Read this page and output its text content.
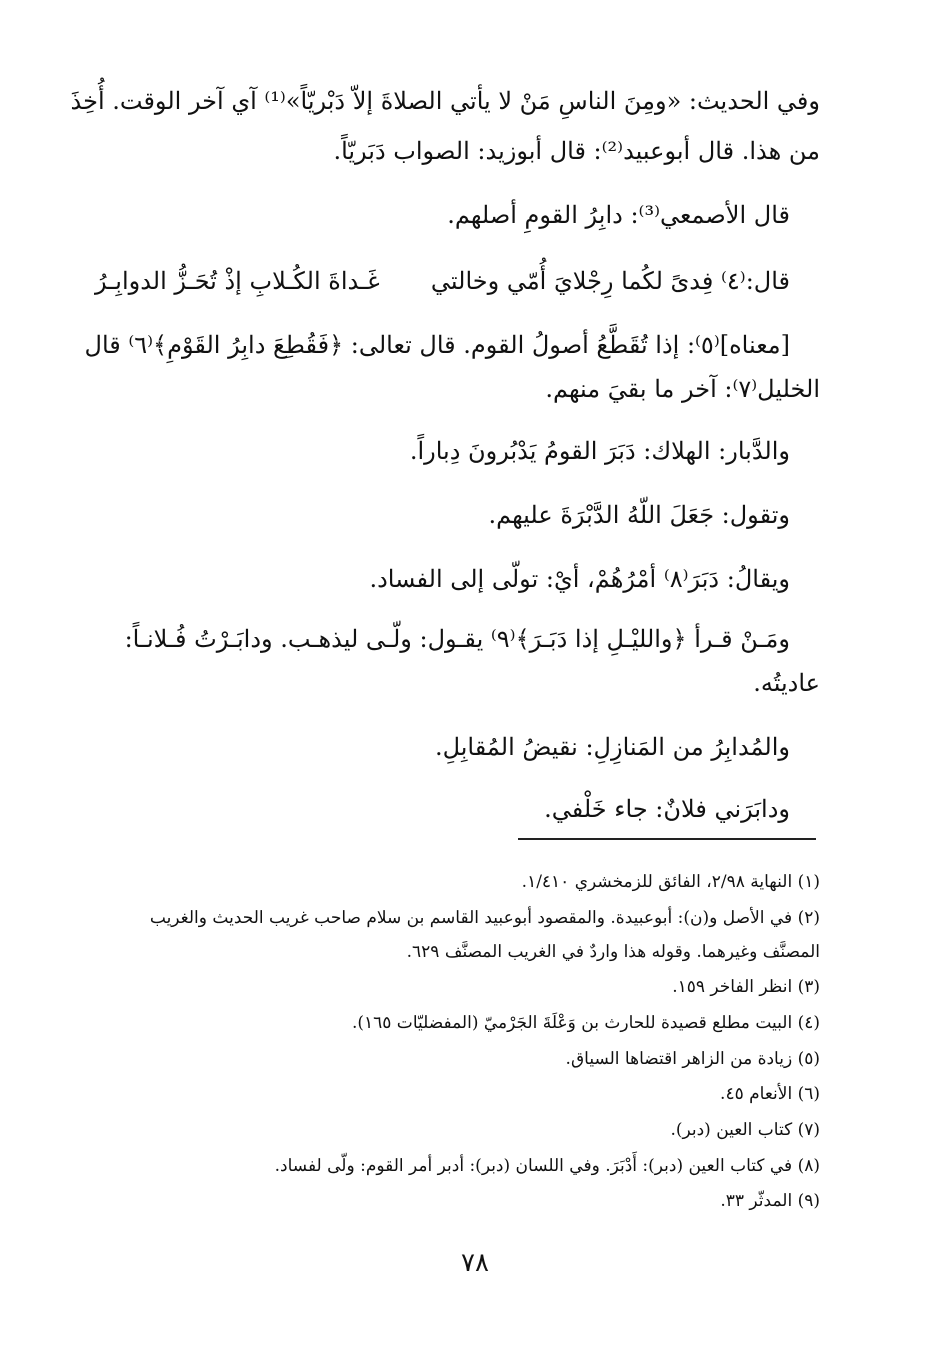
وفي الحديث: «ومِنَ الناسِ مَنْ لا يأتي الصلاةَ إلاّ دَبْريّاً»⁽¹⁾ آي آخر الوقت. أُخِذَ
من هذا. قال أبوعبيد⁽²⁾: قال أبوزيد: الصواب دَبَريّاً.
قال الأصمعي⁽³⁾: دابِرُ القومِ أصلهم.
قال:⁽٤⁾ فِدىً لكُما رِجْلايَ أُمّي وخالتي
غَـداةَ الكُـلابِ إذْ تُحَـزُّ الدوابِـرُ
[معناه]⁽٥⁾: إذا تُقَطَّعُ أصولُ القوم. قال تعالى: ﴿فَقُطِعَ دابِرُ القَوْمِ﴾⁽٦⁾ قال
الخليل⁽٧⁾: آخر ما بقيَ منهم.
والدَّبار: الهلاك: دَبَرَ القومُ يَدْبُرونَ دِباراً.
وتقول: جَعَلَ اللّهُ الدَّبْرَةَ عليهم.
ويقالُ: دَبَرَ⁽٨⁾ أمْرُهُمْ، أيْ: تولّى إلى الفساد.
ومَـنْ قـرأ ﴿والليْـلِ إذا دَبَـرَ﴾⁽٩⁾ يقـول: ولّـى ليذهـب. ودابَـرْتُ فُـلانـاً:
عاديتُه.
والمُدابِرُ من المَنازِلِ: نقيضُ المُقابِلِ.
ودابَرَني فلانٌ: جاء خَلْفي.
(١) النهاية ٢/٩٨، الفائق للزمخشري ١/٤١٠.
(٢) في الأصل و(ن): أبوعبيدة. والمقصود أبوعبيد القاسم بن سلام صاحب غريب الحديث والغريب
المصنَّف وغيرهما. وقوله هذا واردٌ في الغريب المصنَّف ٦٢٩.
(٣) انظر الفاخر ١٥٩.
(٤) البيت مطلع قصيدة للحارث بن وَعْلَةَ الجَرْميّ (المفضليّات ١٦٥).
(٥) زيادة من الزاهر اقتضاها السياق.
(٦) الأنعام ٤٥.
(٧) كتاب العين (دبر).
(٨) في كتاب العين (دبر): أَدْبَرَ. وفي اللسان (دبر): أدبر أمر القوم: ولّى لفساد.
(٩) المدثّر ٣٣.
٧٨
